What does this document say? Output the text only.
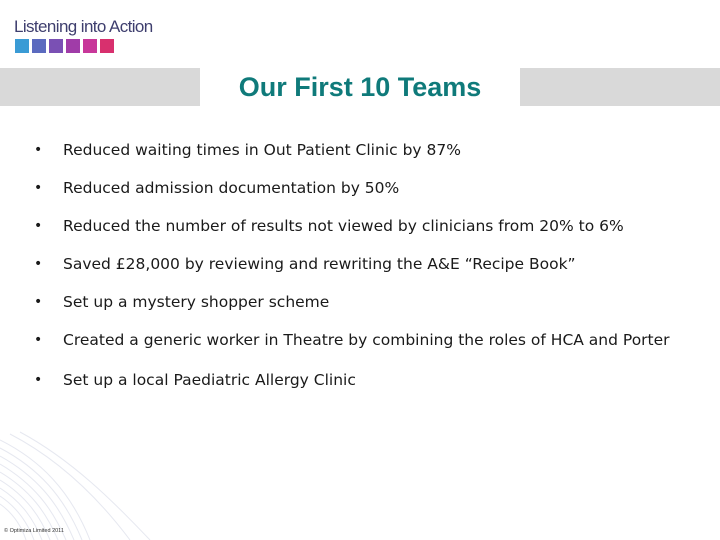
Listening into Action
Our First 10 Teams
•	Reduced waiting times in Out Patient Clinic by 87%
•	Reduced admission documentation by 50%
•	Reduced the number of results not viewed by clinicians from 20% to 6%
•	Saved £28,000 by reviewing and rewriting the A&E “Recipe Book”
•	Set up a mystery shopper scheme
•	Created a generic worker in Theatre by combining the roles of HCA and Porter
•	Set up a local Paediatric Allergy Clinic
© Optimiza Limited 2011
